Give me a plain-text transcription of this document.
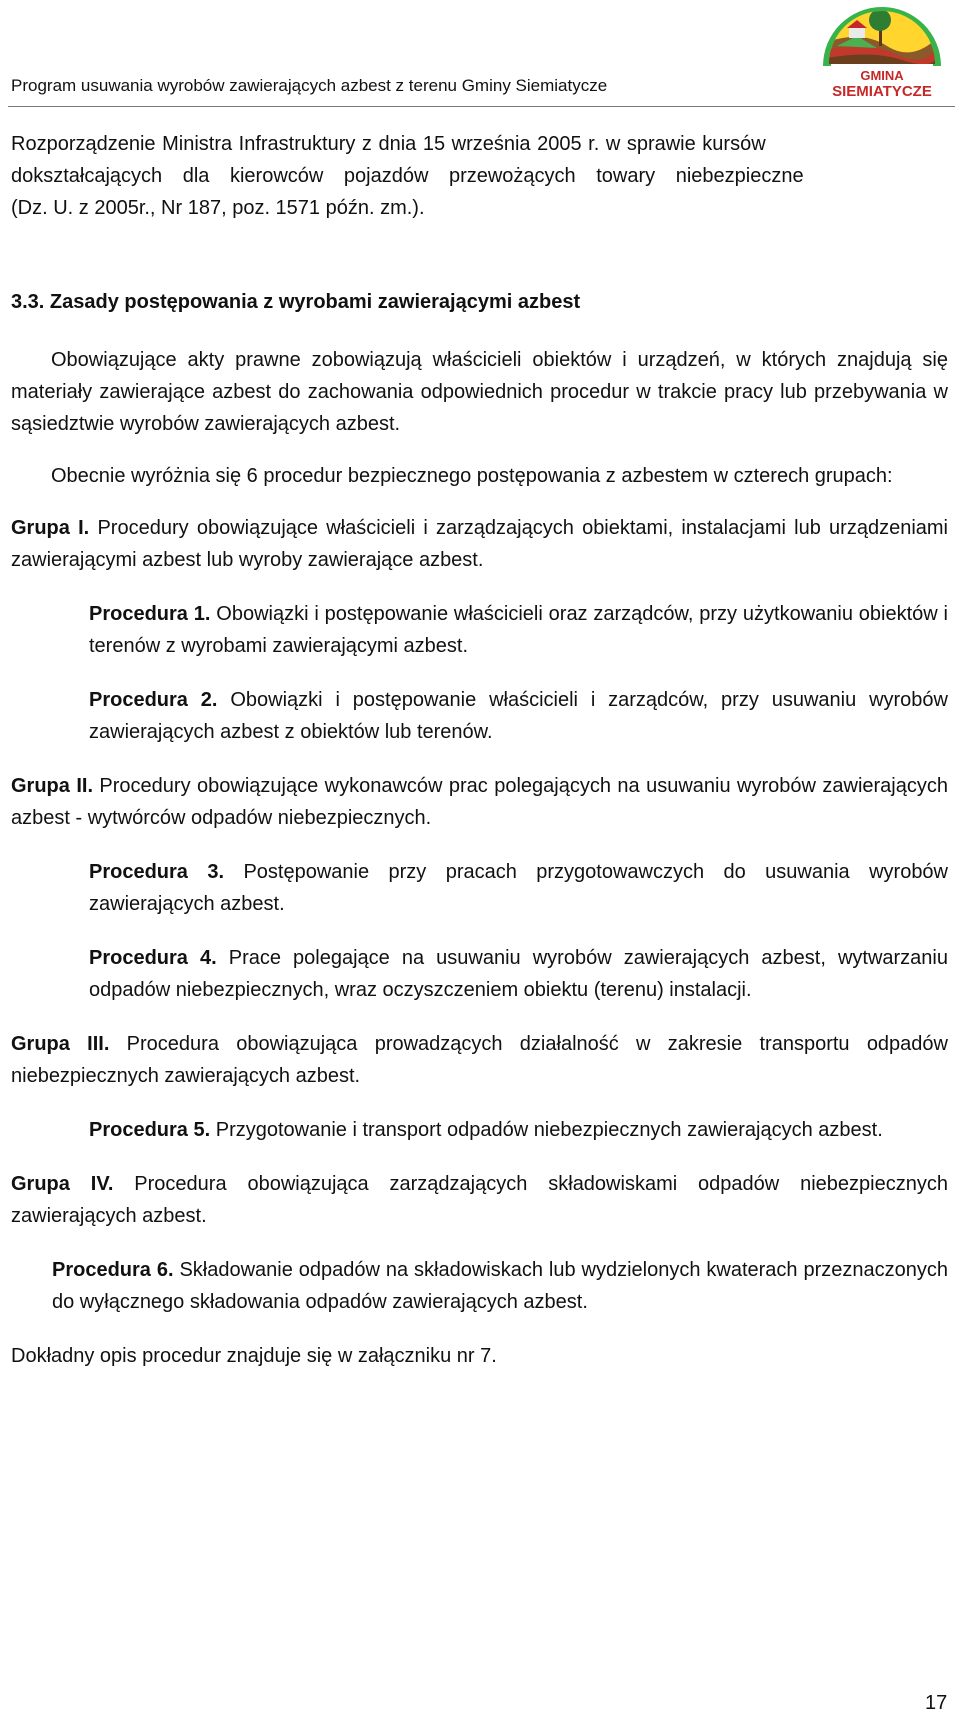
Program usuwania wyrobów zawierających azbest z terenu Gminy Siemiatycze
GMINA
SIEMIATYCZE
Rozporządzenie Ministra Infrastruktury z dnia 15 września 2005 r. w sprawie kursów
dokształcających dla kierowców pojazdów przewożących towary niebezpieczne
(Dz. U. z 2005r., Nr 187, poz. 1571 późn. zm.).
3.3. Zasady postępowania z wyrobami zawierającymi azbest
Obowiązujące akty prawne zobowiązują właścicieli obiektów i urządzeń, w których znajdują się materiały zawierające azbest do zachowania odpowiednich procedur w trakcie pracy lub przebywania w sąsiedztwie wyrobów zawierających azbest.
Obecnie wyróżnia się 6 procedur bezpiecznego postępowania z azbestem w czterech grupach:
Grupa I. Procedury obowiązujące właścicieli i zarządzających obiektami, instalacjami lub urządzeniami zawierającymi azbest lub wyroby zawierające azbest.
Procedura 1. Obowiązki i postępowanie właścicieli oraz zarządców, przy użytkowaniu obiektów i terenów z wyrobami zawierającymi azbest.
Procedura 2. Obowiązki i postępowanie właścicieli i zarządców, przy usuwaniu wyrobów zawierających azbest z obiektów lub terenów.
Grupa II. Procedury obowiązujące wykonawców prac polegających na usuwaniu wyrobów zawierających azbest - wytwórców odpadów niebezpiecznych.
Procedura 3. Postępowanie przy pracach przygotowawczych do usuwania wyrobów zawierających azbest.
Procedura 4. Prace polegające na usuwaniu wyrobów zawierających azbest, wytwarzaniu odpadów niebezpiecznych, wraz oczyszczeniem obiektu (terenu) instalacji.
Grupa III. Procedura obowiązująca prowadzących działalność w zakresie transportu odpadów niebezpiecznych zawierających azbest.
Procedura 5. Przygotowanie i transport odpadów niebezpiecznych zawierających azbest.
Grupa IV. Procedura obowiązująca zarządzających składowiskami odpadów niebezpiecznych zawierających azbest.
Procedura 6. Składowanie odpadów na składowiskach lub wydzielonych kwaterach przeznaczonych do wyłącznego składowania odpadów zawierających azbest.
Dokładny opis procedur znajduje się w załączniku nr 7.
17
